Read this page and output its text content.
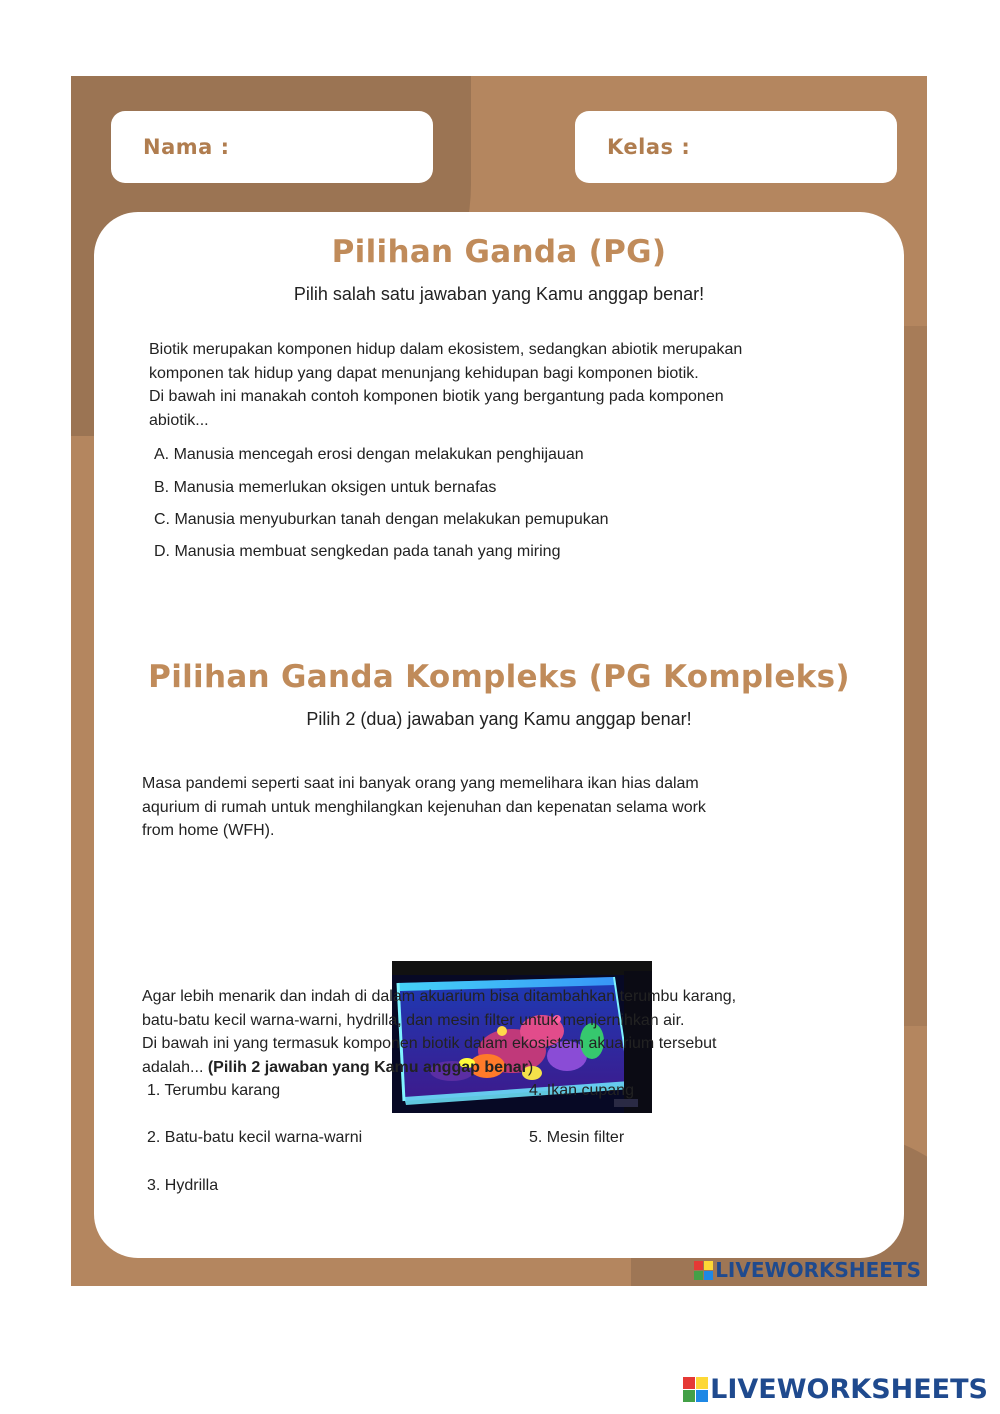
Nama :	Kelas :
Pilihan Ganda (PG)
Pilih salah satu jawaban yang Kamu anggap benar!
Biotik merupakan komponen hidup dalam ekosistem, sedangkan abiotik merupakan
komponen tak hidup yang dapat menunjang kehidupan bagi komponen biotik.
Di bawah ini manakah contoh komponen biotik yang bergantung pada komponen
abiotik...
A. Manusia mencegah erosi dengan melakukan penghijauan
B. Manusia memerlukan oksigen untuk bernafas
C. Manusia menyuburkan tanah dengan melakukan pemupukan
D. Manusia membuat sengkedan pada tanah yang miring
Pilihan Ganda Kompleks (PG Kompleks)
Pilih 2 (dua) jawaban yang Kamu anggap benar!
Masa pandemi seperti saat ini banyak orang yang memelihara ikan hias dalam
aqurium di rumah untuk menghilangkan kejenuhan dan kepenatan selama work
from home (WFH).
Agar lebih menarik dan indah di dalam akuarium bisa ditambahkan terumbu karang,
batu-batu kecil warna-warni, hydrilla, dan mesin filter untuk menjernihkan air.
Di bawah ini yang termasuk komponen biotik dalam ekosistem akuarium tersebut
adalah... (Pilih 2 jawaban yang Kamu anggap benar)
1. Terumbu karang
2. Batu-batu kecil warna-warni
3. Hydrilla
4. Ikan cupang
5. Mesin filter
LIVEWORKSHEETS
LIVEWORKSHEETS
